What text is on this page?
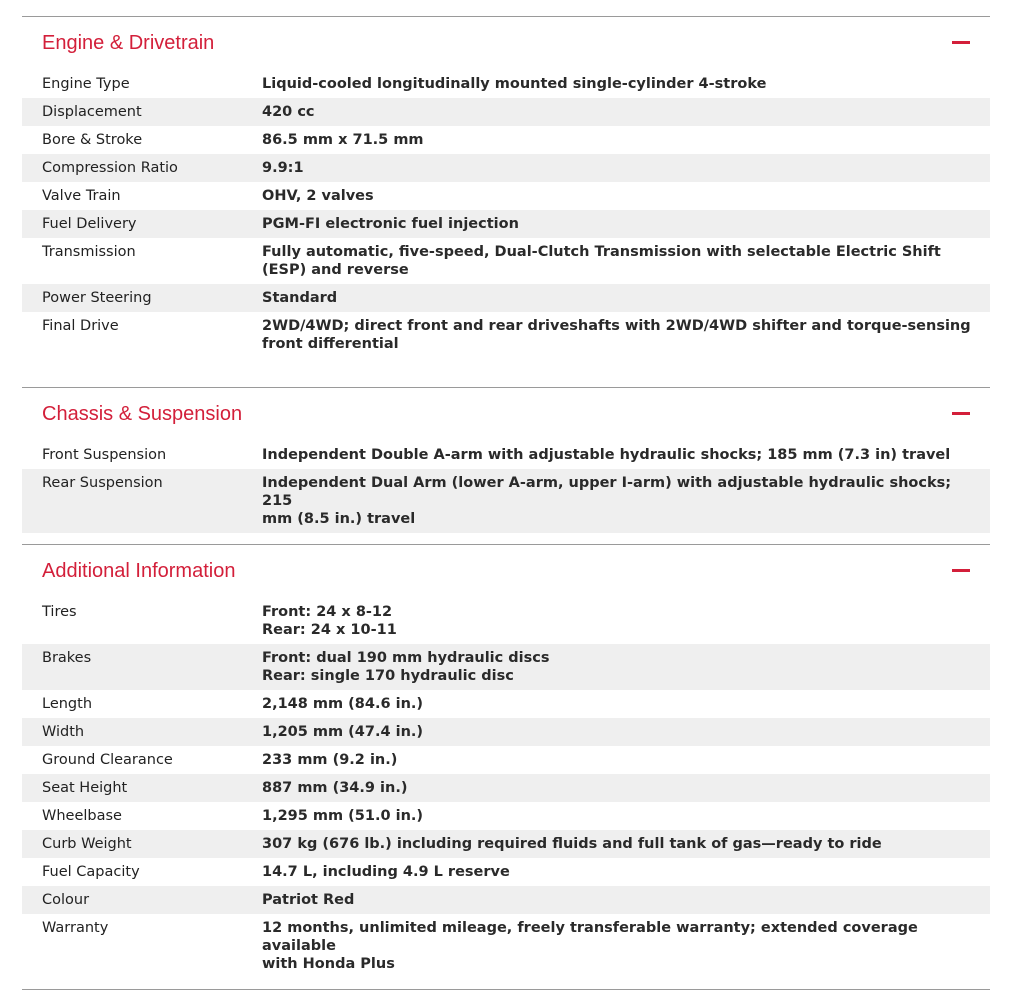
Engine & Drivetrain
Engine Type	Liquid-cooled longitudinally mounted single-cylinder 4-stroke
Displacement	420 cc
Bore & Stroke	86.5 mm x 71.5 mm
Compression Ratio	9.9:1
Valve Train	OHV, 2 valves
Fuel Delivery	PGM-FI electronic fuel injection
Transmission	Fully automatic, five-speed, Dual-Clutch Transmission with selectable Electric Shift
(ESP) and reverse
Power Steering	Standard
Final Drive	2WD/4WD; direct front and rear driveshafts with 2WD/4WD shifter and torque-sensing
front differential
Chassis & Suspension
Front Suspension	Independent Double A-arm with adjustable hydraulic shocks; 185 mm (7.3 in) travel
Rear Suspension	Independent Dual Arm (lower A-arm, upper I-arm) with adjustable hydraulic shocks; 215
mm (8.5 in.) travel
Additional Information
Tires	Front: 24 x 8-12
Rear: 24 x 10-11
Brakes	Front: dual 190 mm hydraulic discs
Rear: single 170 hydraulic disc
Length	2,148 mm (84.6 in.)
Width	1,205 mm (47.4 in.)
Ground Clearance	233 mm (9.2 in.)
Seat Height	887 mm (34.9 in.)
Wheelbase	1,295 mm (51.0 in.)
Curb Weight	307 kg (676 lb.) including required fluids and full tank of gas—ready to ride
Fuel Capacity	14.7 L, including 4.9 L reserve
Colour	Patriot Red
Warranty	12 months, unlimited mileage, freely transferable warranty; extended coverage available
with Honda Plus
